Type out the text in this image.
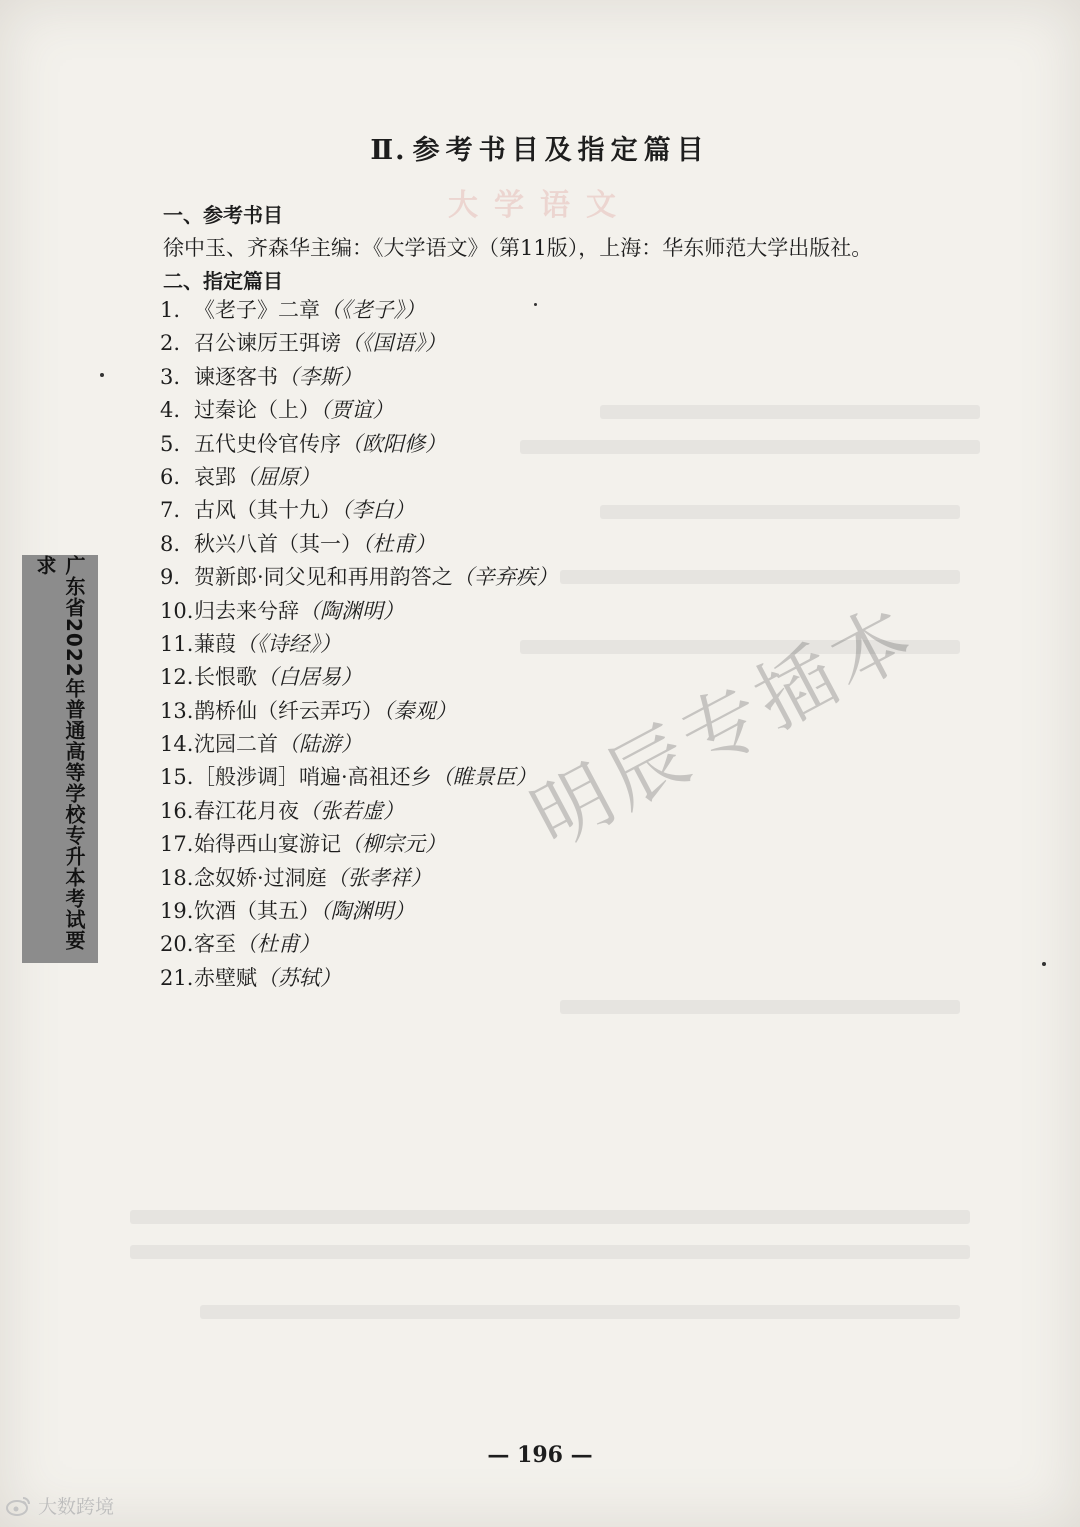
大学语文
Ⅱ. 参考书目及指定篇目
一、参考书目
徐中玉、齐森华主编：《大学语文》（第11版），上海：华东师范大学出版社。
二、指定篇目
1. 《老子》二章（《老子》）
2. 召公谏厉王弭谤（《国语》）
3. 谏逐客书（李斯）
4. 过秦论（上）（贾谊）
5. 五代史伶官传序（欧阳修）
6. 哀郢（屈原）
7. 古风（其十九）（李白）
8. 秋兴八首（其一）（杜甫）
9. 贺新郎·同父见和再用韵答之（辛弃疾）
10.归去来兮辞（陶渊明）
11.蒹葭（《诗经》）
12.长恨歌（白居易）
13.鹊桥仙（纤云弄巧）（秦观）
14.沈园二首（陆游）
15.［般涉调］哨遍·高祖还乡（睢景臣）
16.春江花月夜（张若虚）
17.始得西山宴游记（柳宗元）
18.念奴娇·过洞庭（张孝祥）
19.饮酒（其五）（陶渊明）
20.客至（杜甫）
21.赤壁赋（苏轼）
广东省2022年普通高等学校专升本考试要求
明辰专插本
— 196 —
大数跨境
